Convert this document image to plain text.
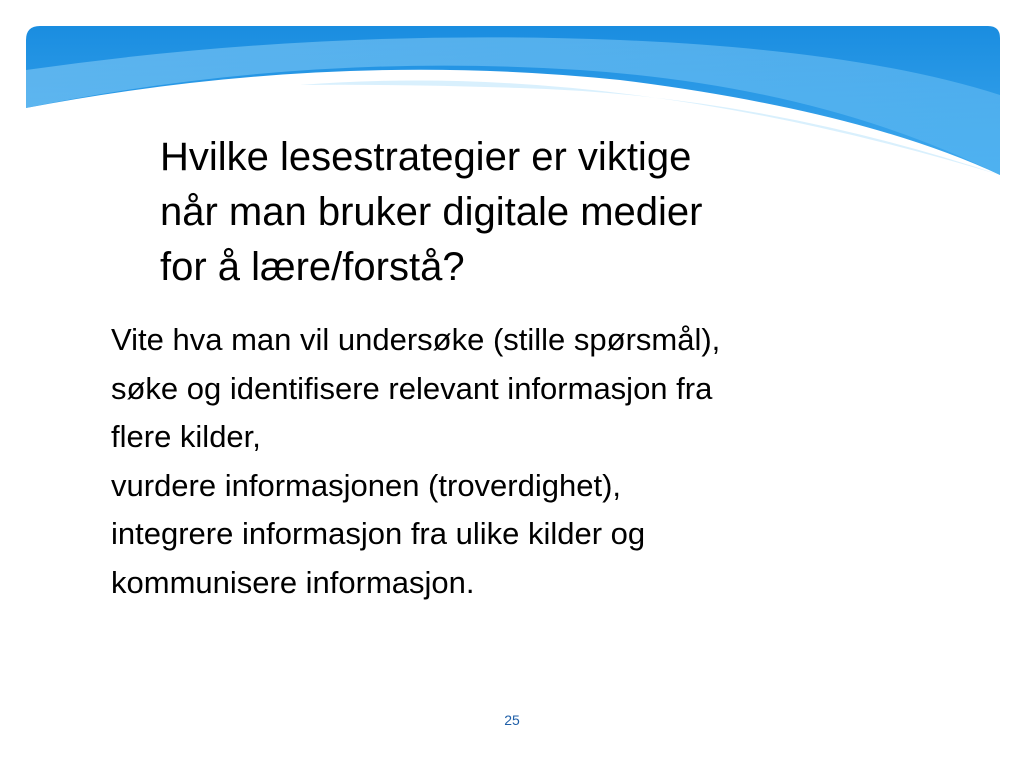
Hvilke lesestrategier er viktige
når man bruker digitale medier
for å lære/forstå?
Vite hva man vil undersøke (stille spørsmål),
søke og identifisere relevant informasjon fra
flere kilder,
vurdere informasjonen (troverdighet),
integrere informasjon fra ulike kilder og
kommunisere informasjon.
25
